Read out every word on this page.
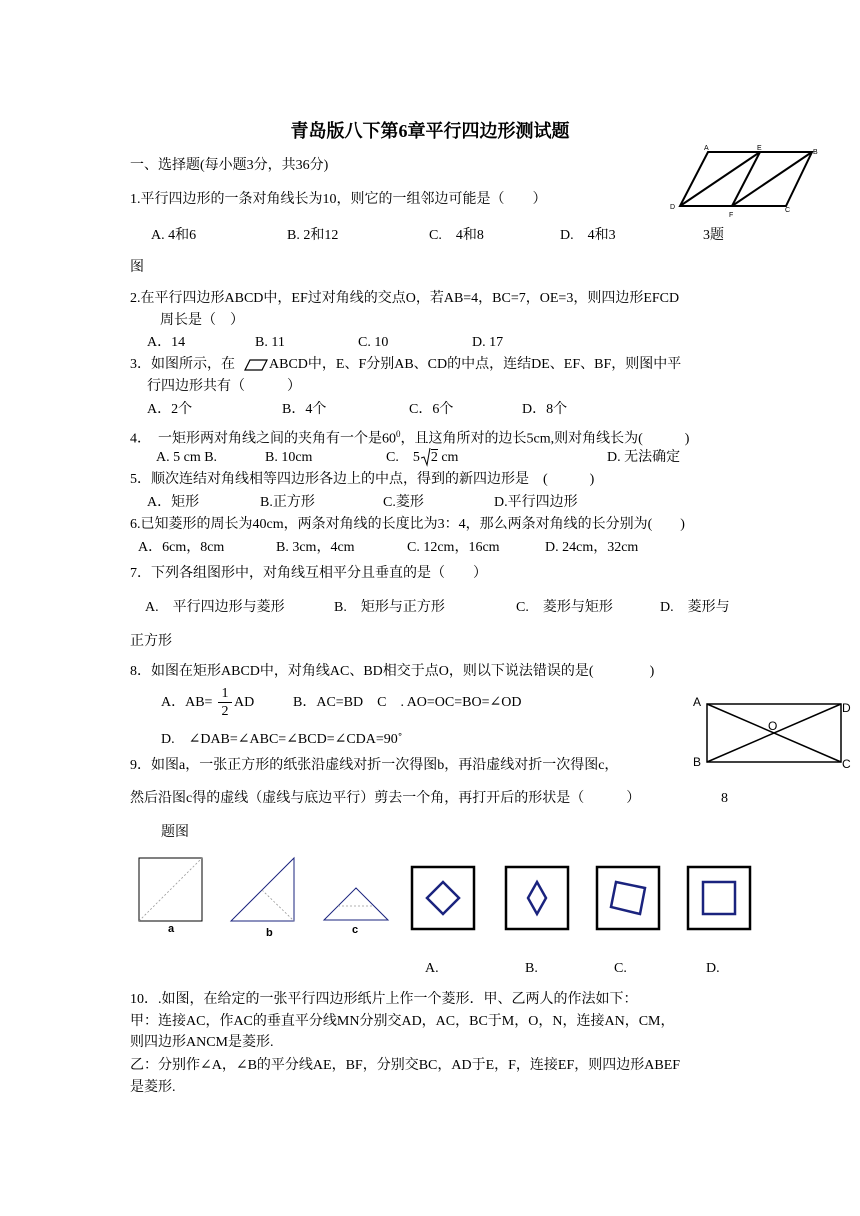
青岛版八下第6章平行四边形测试题
一、选择题(每小题3分，共36分)
A	E
B
D
F
C
1.平行四边形的一条对角线长为10，则它的一组邻边可能是（　　）
A. 4和6	B. 2和12	C.　4和8	D.　4和3	3题
图
2.在平行四边形ABCD中，EF过对角线的交点O，若AB=4，BC=7，OE=3，则四边形EFCD
周长是（　）
A．14	B. 11	C. 10	D. 17
3．如图所示，在 ABCD中，E、F分别AB、CD的中点，连结DE、EF、BF，则图中平
行四边形共有（　　　）
A．2个	B．4个	C．6个	D．8个
4．　一矩形两对角线之间的夹角有一个是$60^0$，且这角所对的边长5cm,则对角线长为(　　　)
A. 5 cm B.	B. 10cm	C.　5 2 cm	D. 无法确定
5．顺次连结对角线相等四边形各边上的中点，得到的新四边形是　(　　　)
A．矩形	B.正方形	C.菱形	D.平行四边形
6.已知菱形的周长为40cm，两条对角线的长度比为3：4，那么两条对角线的长分别为(　　)
A．6cm，8cm	B. 3cm，4cm	C. 12cm，16cm	D. 24cm，32cm
7．下列各组图形中，对角线互相平分且垂直的是（　　）
A.　平行四边形与菱形	B.　矩形与正方形	C.　菱形与矩形	D.　菱形与
正方形
8．如图在矩形ABCD中，对角线AC、BD相交于点O，则以下说法错误的是(　　　　)
A．AB=
1
2
AD	B．AC=BD　C　. AO=OC=BO=∠OD
D.　∠DAB=∠ABC=∠BCD=∠CDA=90˚
A	D
O
B	C
9．如图a，一张正方形的纸张沿虚线对折一次得图b，再沿虚线对折一次得图c，
然后沿图c得的虚线（虚线与底边平行）剪去一个角，再打开后的形状是（　　　）	8
题图
a	b	c
A.	B.	C.	D.
10．.如图，在给定的一张平行四边形纸片上作一个菱形．甲、乙两人的作法如下：
甲：连接AC，作AC的垂直平分线MN分别交AD，AC，BC于M，O，N，连接AN，CM，
则四边形ANCM是菱形.
乙：分别作∠A，∠B的平分线AE，BF，分别交BC，AD于E，F，连接EF，则四边形ABEF
是菱形.
